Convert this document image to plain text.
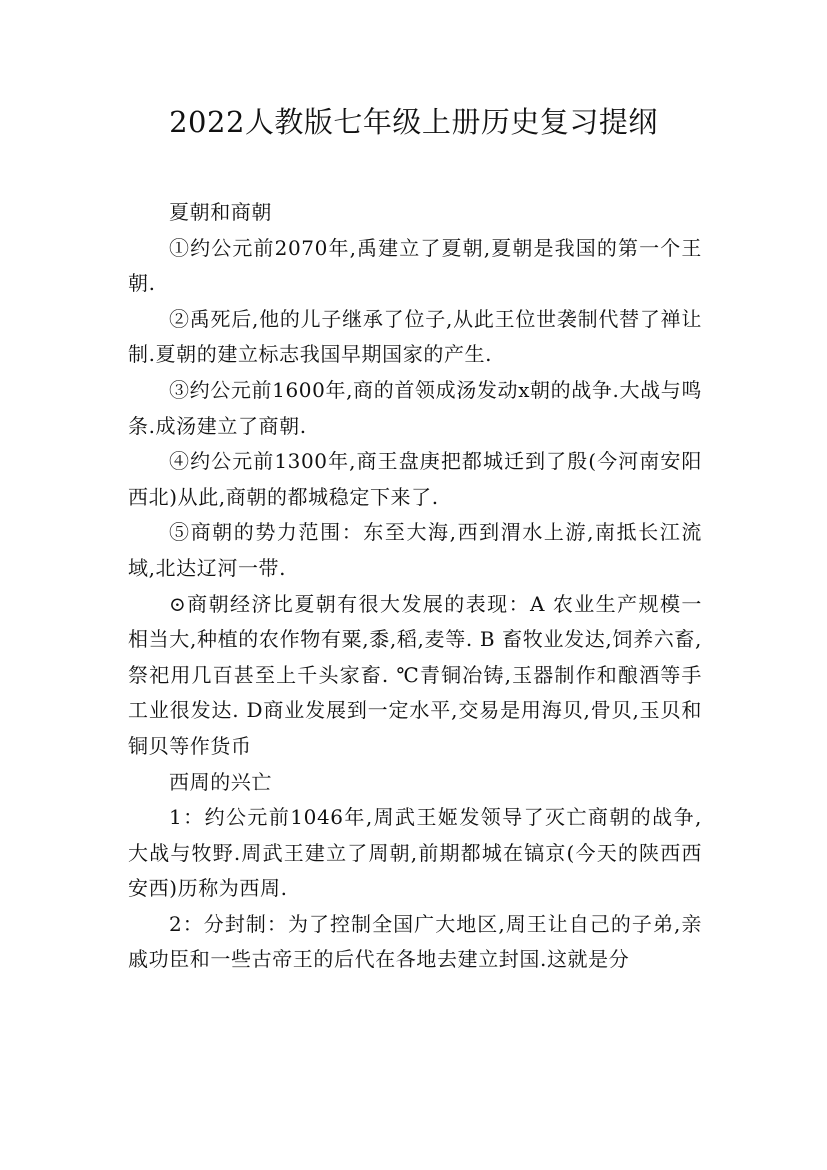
2022人教版七年级上册历史复习提纲

夏朝和商朝

①约公元前2070年,禹建立了夏朝,夏朝是我国的第一个王朝.

②禹死后,他的儿子继承了位子,从此王位世袭制代替了禅让制.夏朝的建立标志我国早期国家的产生.

③约公元前1600年,商的首领成汤发动x朝的战争.大战与鸣条.成汤建立了商朝.

④约公元前1300年,商王盘庚把都城迁到了殷(今河南安阳西北)从此,商朝的都城稳定下来了.

⑤商朝的势力范围：东至大海,西到渭水上游,南抵长江流域,北达辽河一带.

⊙商朝经济比夏朝有很大发展的表现：A 农业生产规模一相当大,种植的农作物有粟,黍,稻,麦等. B 畜牧业发达,饲养六畜,祭祀用几百甚至上千头家畜. ℃青铜冶铸,玉器制作和酿酒等手工业很发达. D商业发展到一定水平,交易是用海贝,骨贝,玉贝和铜贝等作货币

西周的兴亡

1：约公元前1046年,周武王姬发领导了灭亡商朝的战争,大战与牧野.周武王建立了周朝,前期都城在镐京(今天的陕西西安西)历称为西周.

2：分封制：为了控制全国广大地区,周王让自己的子弟,亲戚功臣和一些古帝王的后代在各地去建立封国.这就是分
